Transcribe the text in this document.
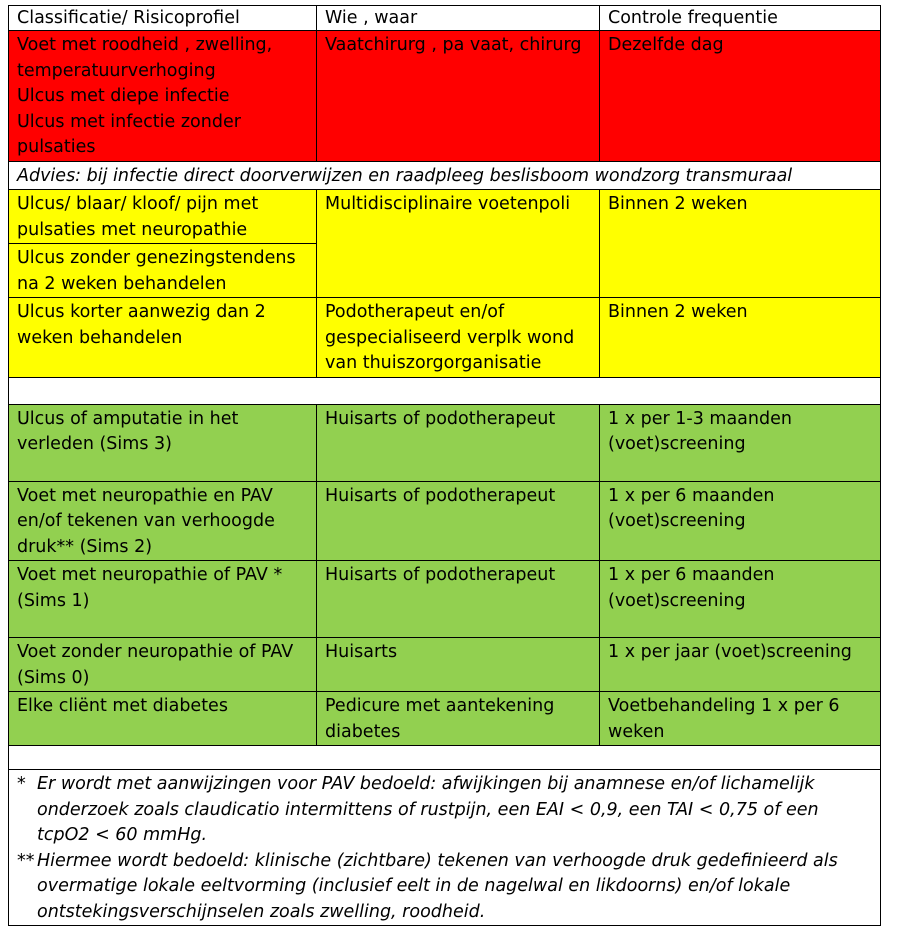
Classificatie/ Risicoprofiel	Wie , waar	Controle frequentie

Voet met roodheid , zwelling, temperatuurverhoging
Ulcus met diepe infectie
Ulcus met infectie zonder pulsaties	Vaatchirurg , pa vaat, chirurg	Dezelfde dag
Advies: bij infectie direct doorverwijzen en raadpleeg beslisboom wondzorg transmuraal		
Ulcus/ blaar/ kloof/ pijn met pulsaties met neuropathie	Multidisciplinaire voetenpoli	Binnen 2 weken
Ulcus zonder genezingstendens na 2 weken behandelen		
Ulcus korter aanwezig dan 2 weken behandelen	Podotherapeut en/of gespecialiseerd verplk wond van thuiszorgorganisatie	Binnen 2 weken

Ulcus of amputatie in het verleden (Sims 3)	Huisarts of podotherapeut	1 x per 1-3 maanden (voet)screening
Voet met neuropathie en PAV en/of tekenen van verhoogde druk** (Sims 2)	Huisarts of podotherapeut	1 x per 6 maanden (voet)screening
Voet met neuropathie of PAV *(Sims 1)	Huisarts of podotherapeut	1 x per 6 maanden (voet)screening
Voet zonder neuropathie of PAV (Sims 0)	Huisarts	1 x per jaar (voet)screening
Elke cliënt met diabetes	Pedicure met aantekening diabetes	Voetbehandeling 1 x per 6 weken

* Er wordt met aanwijzingen voor PAV bedoeld: afwijkingen bij anamnese en/of lichamelijk onderzoek zoals claudicatio intermittens of rustpijn, een EAI < 0,9, een TAI < 0,75 of een tcpO2 < 60 mmHg.
** Hiermee wordt bedoeld: klinische (zichtbare) tekenen van verhoogde druk gedefinieerd als overmatige lokale eeltvorming (inclusief eelt in de nagelwal en likdoorns) en/of lokale ontstekingsverschijnselen zoals zwelling, roodheid.		
